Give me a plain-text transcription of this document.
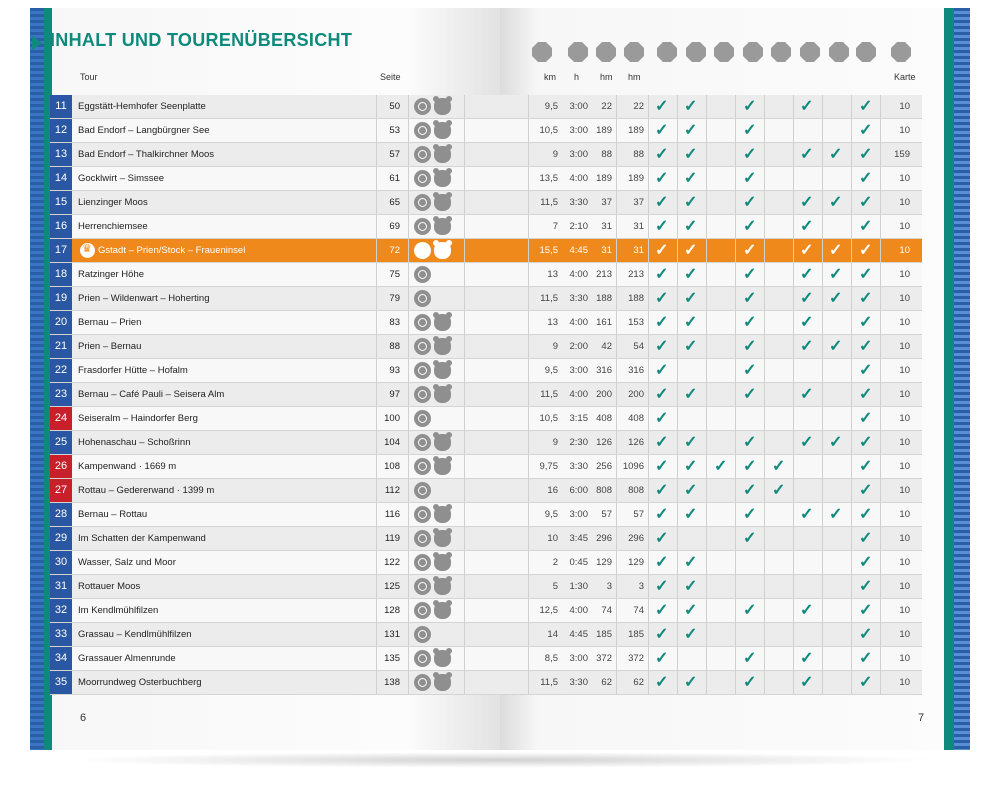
INHALT UND TOURENÜBERSICHT
Tour	Seite	km h hm hm	Karte
11	Eggstätt-Hemhofer Seenplatte	50	9,5	3:00	22	22 ✓ ✓	✓	✓	✓	10
12	Bad Endorf – Langbürgner See	53	10,5	3:00 189	189 ✓ ✓	✓	✓	10
13	Bad Endorf – Thalkirchner Moos	57	9	3:00	88	88 ✓ ✓	✓	✓ ✓ ✓	159
14	Gocklwirt – Simssee	61	13,5	4:00 189	189 ✓ ✓	✓	✓	10
15	Lienzinger Moos	65	11,5	3:30	37	37 ✓ ✓	✓	✓ ✓ ✓	10
16	Herrenchiemsee	69	7	2:10	31	31 ✓ ✓	✓	✓	✓	10
17
♛	Gstadt – Prien/Stock – Fraueninsel	72	15,5	4:45	31	31 ✓ ✓	✓	✓ ✓ ✓	10
18	Ratzinger Höhe	75	13	4:00 213	213 ✓ ✓	✓	✓ ✓ ✓	10
19	Prien – Wildenwart – Hoherting	79	11,5	3:30 188	188 ✓ ✓	✓	✓ ✓ ✓	10
20	Bernau – Prien	83	13	4:00 161	153 ✓ ✓	✓	✓	✓	10
21	Prien – Bernau	88	9	2:00	42	54 ✓ ✓	✓	✓ ✓ ✓	10
22	Frasdorfer Hütte – Hofalm	93	9,5	3:00 316	316 ✓	✓	✓	10
23	Bernau – Café Pauli – Seisera Alm	97	11,5	4:00 200	200 ✓ ✓	✓	✓	✓	10
24	Seiseralm – Haindorfer Berg	100	10,5	3:15 408	408 ✓	✓	10
25	Hohenaschau – Schoßrinn	104	9	2:30 126	126 ✓ ✓	✓	✓ ✓ ✓	10
26	Kampenwand · 1669 m	108	9,75	3:30 256	1096 ✓ ✓ ✓ ✓ ✓	✓	10
27	Rottau – Gedererwand · 1399 m	112	16	6:00 808	808 ✓ ✓	✓ ✓	✓	10
28	Bernau – Rottau	116	9,5	3:00	57	57 ✓ ✓	✓	✓ ✓ ✓	10
29	Im Schatten der Kampenwand	119	10	3:45 296	296 ✓	✓	✓	10
30	Wasser, Salz und Moor	122	2	0:45 129	129 ✓ ✓	✓	10
31	Rottauer Moos	125	5	1:30	3	3 ✓ ✓	✓	10
32	Im Kendlmühlfilzen	128	12,5	4:00	74	74 ✓ ✓	✓	✓	✓	10
33	Grassau – Kendlmühlfilzen	131	14	4:45 185	185 ✓ ✓	✓	10
34	Grassauer Almenrunde	135	8,5	3:00 372	372 ✓	✓	✓	✓	10
35	Moorrundweg Osterbuchberg	138	11,5	3:30	62	62 ✓ ✓	✓	✓	✓	10
6	7
